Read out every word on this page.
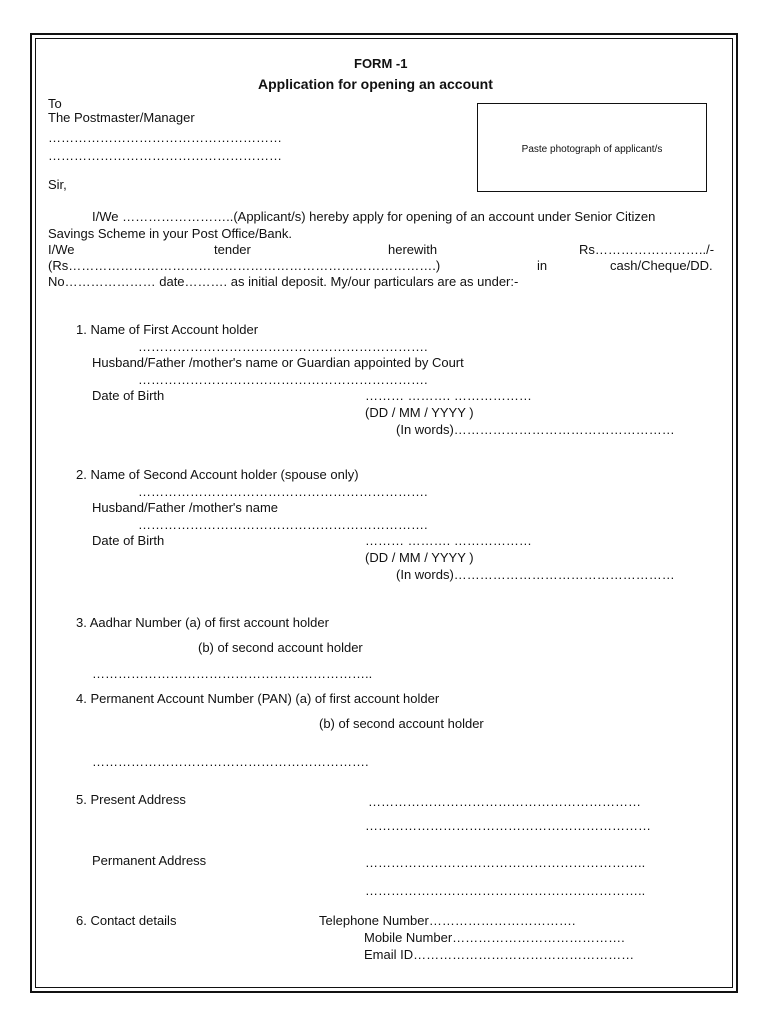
FORM -1
Application for opening an account
To
The Postmaster/Manager
………………………………………………
………………………………………………	Paste photograph of applicant/s
Sir,
I/We ……………………..(Applicant/s) hereby apply for opening of an account under Senior Citizen
Savings Scheme in your Post Office/Bank.
I/We	tender	herewith	Rs……………………../-
(Rs………………………………………………………………………….)	in	cash/Cheque/DD.
No………………… date………. as initial deposit. My/our particulars are as under:-
1. Name of First Account holder
………………………………………………………….
Husband/Father /mother's name or Guardian appointed by Court
………………………………………………………….
Date of Birth	……… ………. ………………
(DD / MM / YYYY )
(In words)……………………………………………
2. Name of Second Account holder (spouse only)
………………………………………………………….
Husband/Father /mother's name
………………………………………………………….
Date of Birth	……… ………. ………………
(DD / MM / YYYY )
(In words)……………………………………………
3. Aadhar Number (a) of first account holder
(b) of second account holder
………………………………………………………..
4. Permanent Account Number (PAN) (a) of first account holder
(b) of second account holder
……………………………………………………….
5. Present Address	………………………………………………………
…………………………………………………………
Permanent Address	………………………………………………………..
………………………………………………………..
6. Contact details	Telephone Number…………………………….
Mobile Number………………………………….
Email ID……………………………………………
